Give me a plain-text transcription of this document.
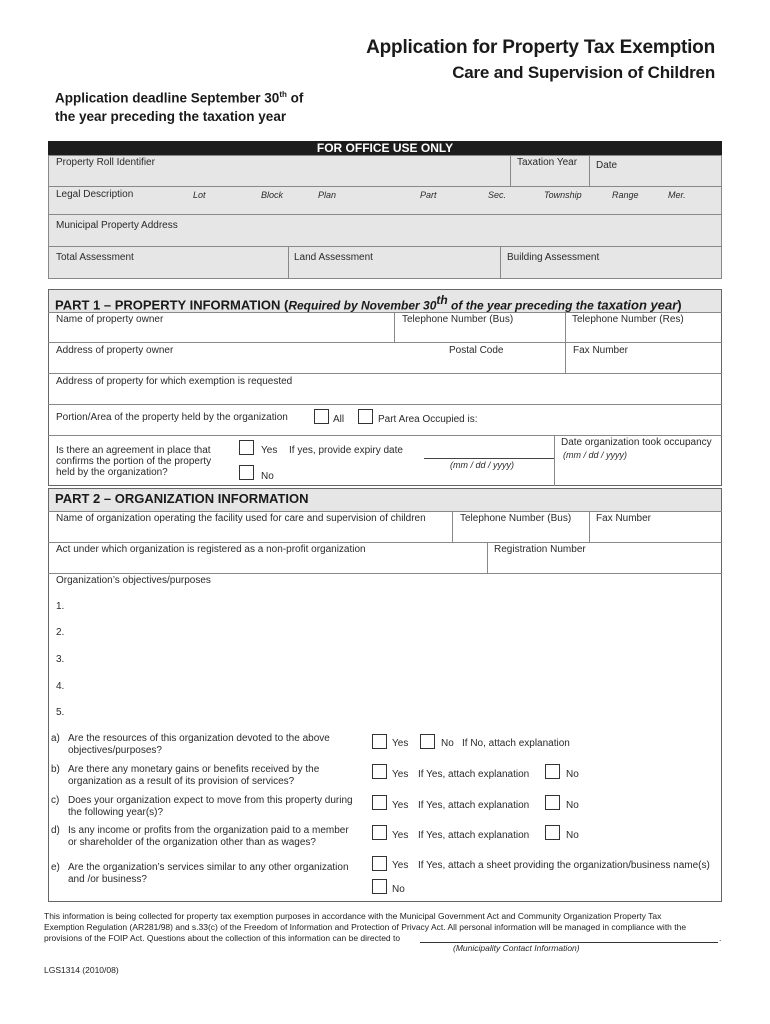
Application for Property Tax Exemption
Care and Supervision of Children
Application deadline September 30th of
the year preceding the taxation year
FOR OFFICE USE ONLY
Property Roll Identifier	Taxation Year Date
Legal Description	Lot	Block	Plan	Part	Sec.	Township	Range	Mer.
Municipal Property Address
Total Assessment	Land Assessment	Building Assessment
PART 1 – PROPERTY INFORMATION (Required by November 30th of the year preceding the taxation year)
Name of property owner	Telephone Number (Bus)	Telephone Number (Res)
Address of property owner	Postal Code	Fax Number
Address of property for which exemption is requested
Portion/Area of the property held by the organization	All	Part Area Occupied is:
Is there an agreement in place that
confirms the portion of the property
held by the organization?
Yes If yes, provide expiry date
No
(mm / dd / yyyy)
Date organization took occupancy
(mm / dd / yyyy)
PART 2 – ORGANIZATION INFORMATION
Name of organization operating the facility used for care and supervision of children	Telephone Number (Bus) Fax Number
Act under which organization is registered as a non-profit organization	Registration Number
Organization’s objectives/purposes
1.
2.
3.
4.
5.
a) Are the resources of this organization devoted to the above
objectives/purposes?
Yes	No If No, attach explanation
b) Are there any monetary gains or benefits received by the
organization as a result of its provision of services?
Yes If Yes, attach explanation	No
c) Does your organization expect to move from this property during
the following year(s)?
Yes If Yes, attach explanation	No
d) Is any income or profits from the organization paid to a member
or shareholder of the organization other than as wages?
Yes If Yes, attach explanation	No
e) Are the organization’s services similar to any other organization
and /or business?
Yes If Yes, attach a sheet providing the organization/business name(s)
No
This information is being collected for property tax exemption purposes in accordance with the Municipal Government Act and Community Organization Property Tax
Exemption Regulation (AR281/98) and s.33(c) of the Freedom of Information and Protection of Privacy Act. All personal information will be managed in compliance with the
provisions of the FOIP Act. Questions about the collection of this information can be directed to	.
(Municipality Contact Information)
LGS1314 (2010/08)
